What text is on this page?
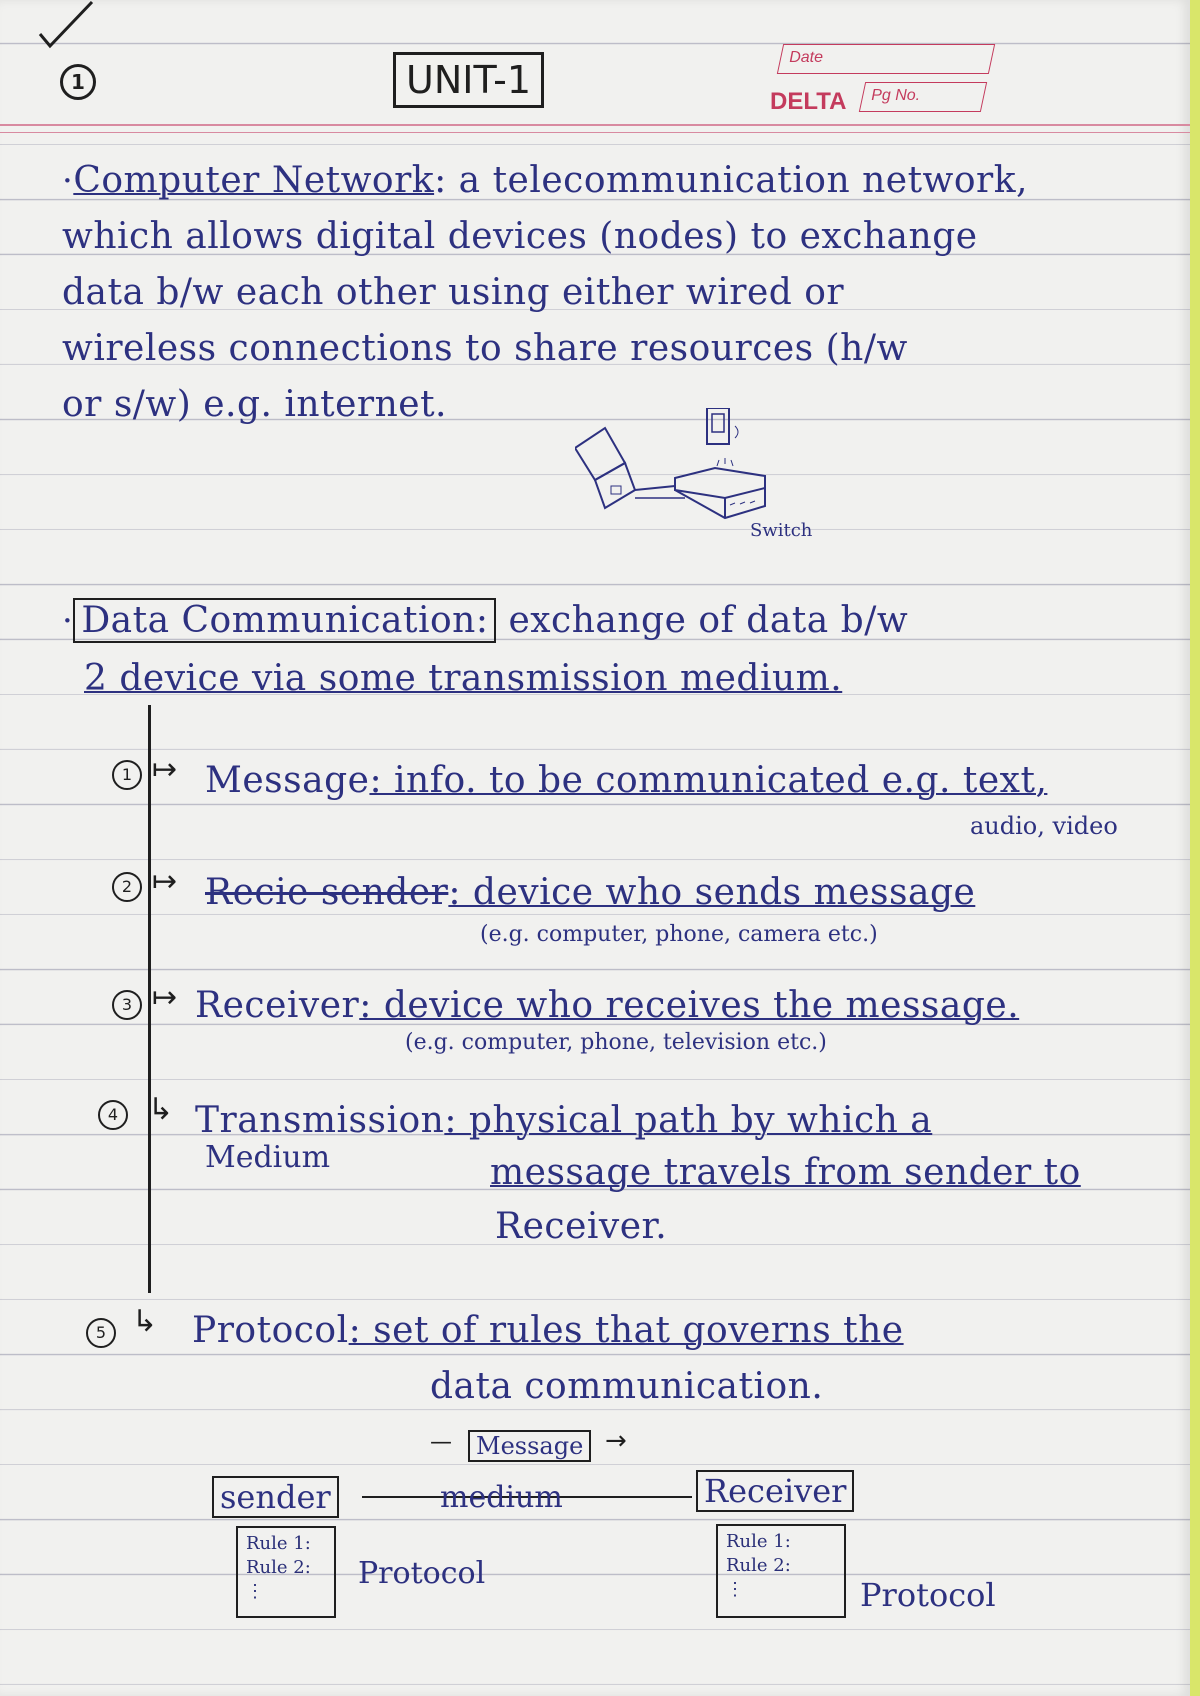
1	UNIT-1
Date
DELTA	Pg No.
·Computer Network: a telecommunication network,
which allows digital devices (nodes) to exchange
data b/w each other using either wired or
wireless connections to share resources (h/w
or s/w) e.g. internet.
Switch
· Data Communication: exchange of data b/w
2 device via some transmission medium.
1 ↦ Message: info. to be communicated e.g. text,
audio, video
2 ↦ Recie sender: device who sends message
(e.g. computer, phone, camera etc.)
3 ↦ Receiver: device who receives the message.
(e.g. computer, phone, television etc.)
4 ↳ Transmission: physical path by which a
Medium	message travels from sender to
Receiver.
5 ↳ Protocol: set of rules that governs the
data communication.
Message
—	→
sender	medium	Receiver
Rule 1:
Rule 2:
⋮
Protocol
Rule 1:
Rule 2:
⋮	Protocol
